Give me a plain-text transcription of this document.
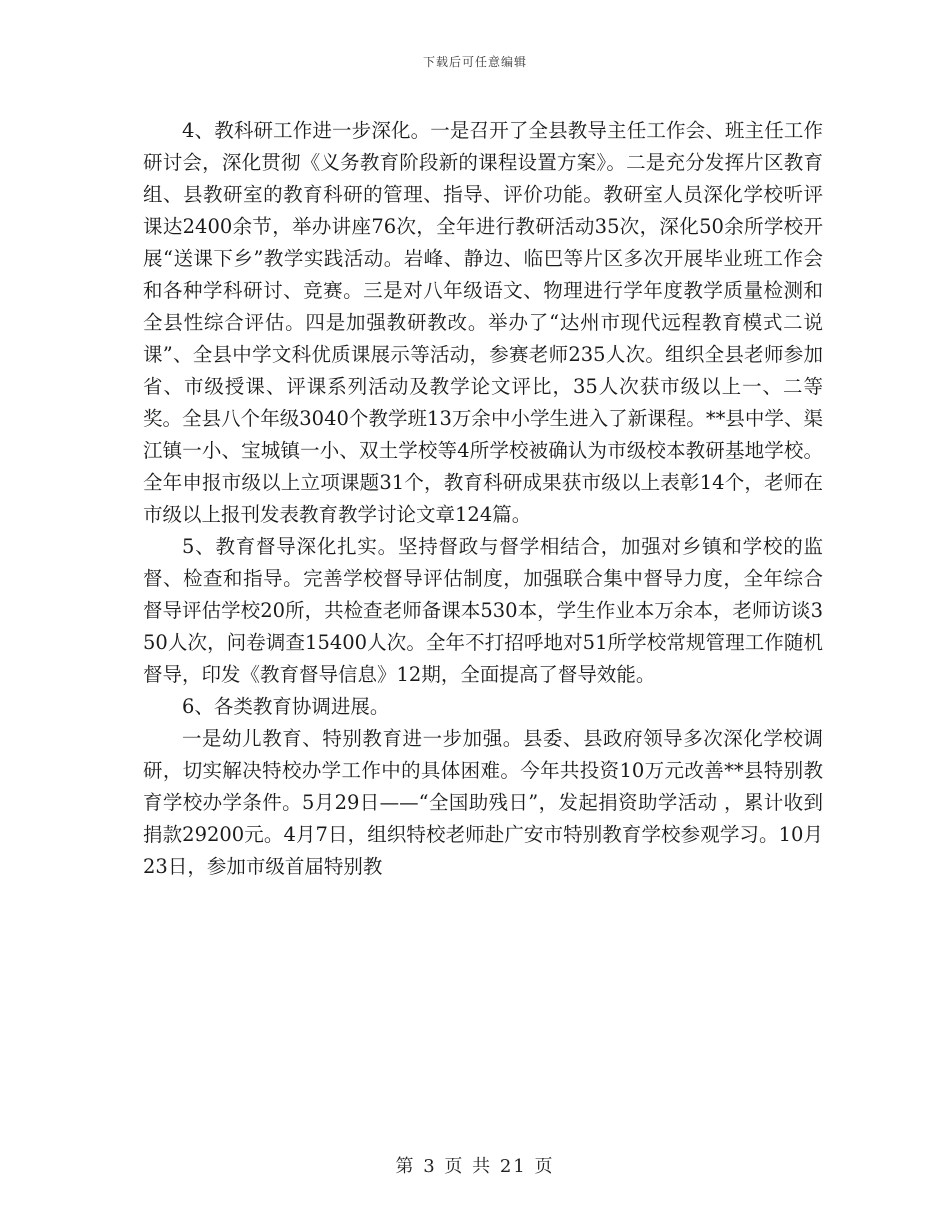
下载后可任意编辑

4、教科研工作进一步深化。一是召开了全县教导主任工作会、班主任工作研讨会，深化贯彻《义务教育阶段新的课程设置方案》。二是充分发挥片区教育组、县教研室的教育科研的管理、指导、评价功能。教研室人员深化学校听评课达2400余节，举办讲座76次，全年进行教研活动35次，深化50余所学校开展“送课下乡”教学实践活动。岩峰、静边、临巴等片区多次开展毕业班工作会和各种学科研讨、竞赛。三是对八年级语文、物理进行学年度教学质量检测和全县性综合评估。四是加强教研教改。举办了“达州市现代远程教育模式二说课”、全县中学文科优质课展示等活动，参赛老师235人次。组织全县老师参加省、市级授课、评课系列活动及教学论文评比，35人次获市级以上一、二等奖。全县八个年级3040个教学班13万余中小学生进入了新课程。**县中学、渠江镇一小、宝城镇一小、双土学校等4所学校被确认为市级校本教研基地学校。全年申报市级以上立项课题31个，教育科研成果获市级以上表彰14个，老师在市级以上报刊发表教育教学讨论文章124篇。

5、教育督导深化扎实。坚持督政与督学相结合，加强对乡镇和学校的监督、检查和指导。完善学校督导评估制度，加强联合集中督导力度，全年综合督导评估学校20所，共检查老师备课本530本，学生作业本万余本，老师访谈350人次，问卷调查15400人次。全年不打招呼地对51所学校常规管理工作随机督导，印发《教育督导信息》12期，全面提高了督导效能。

6、各类教育协调进展。

一是幼儿教育、特别教育进一步加强。县委、县政府领导多次深化学校调研，切实解决特校办学工作中的具体困难。今年共投资10万元改善**县特别教育学校办学条件。5月29日——“全国助残日”，发起捐资助学活动 ，累计收到捐款29200元。4月7日，组织特校老师赴广安市特别教育学校参观学习。10月23日，参加市级首届特别教

第 3 页 共 21 页
